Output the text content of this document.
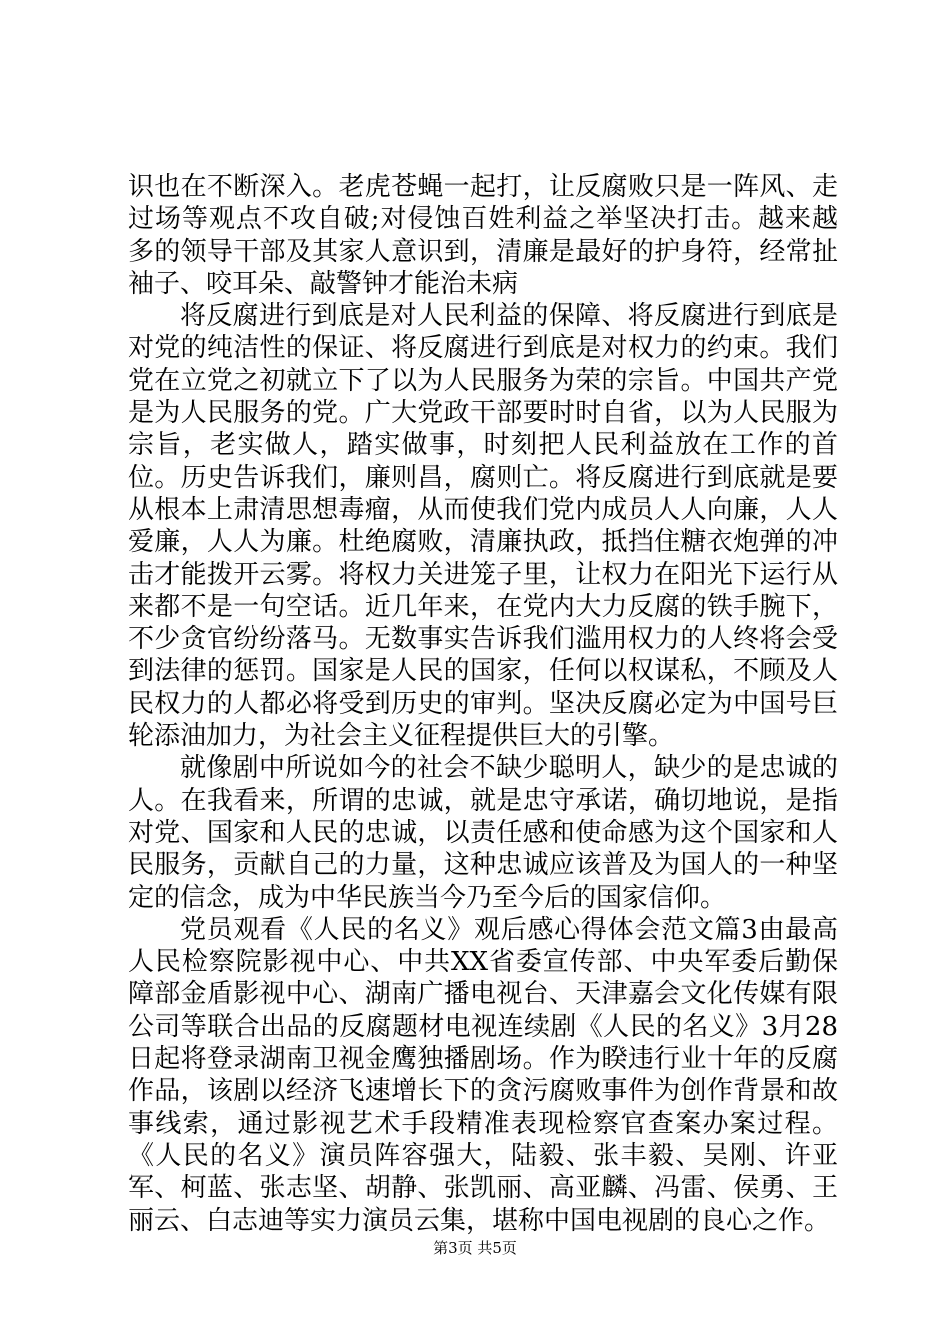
识也在不断深入。老虎苍蝇一起打，让反腐败只是一阵风、走过场等观点不攻自破;对侵蚀百姓利益之举坚决打击。越来越多的领导干部及其家人意识到，清廉是最好的护身符，经常扯袖子、咬耳朵、敲警钟才能治未病

将反腐进行到底是对人民利益的保障、将反腐进行到底是对党的纯洁性的保证、将反腐进行到底是对权力的约束。我们党在立党之初就立下了以为人民服务为荣的宗旨。中国共产党是为人民服务的党。广大党政干部要时时自省，以为人民服为宗旨，老实做人，踏实做事，时刻把人民利益放在工作的首位。历史告诉我们，廉则昌，腐则亡。将反腐进行到底就是要从根本上肃清思想毒瘤，从而使我们党内成员人人向廉，人人爱廉，人人为廉。杜绝腐败，清廉执政，抵挡住糖衣炮弹的冲击才能拨开云雾。将权力关进笼子里，让权力在阳光下运行从来都不是一句空话。近几年来，在党内大力反腐的铁手腕下，不少贪官纷纷落马。无数事实告诉我们滥用权力的人终将会受到法律的惩罚。国家是人民的国家，任何以权谋私，不顾及人民权力的人都必将受到历史的审判。坚决反腐必定为中国号巨轮添油加力，为社会主义征程提供巨大的引擎。

就像剧中所说如今的社会不缺少聪明人，缺少的是忠诚的人。在我看来，所谓的忠诚，就是忠守承诺，确切地说，是指对党、国家和人民的忠诚，以责任感和使命感为这个国家和人民服务，贡献自己的力量，这种忠诚应该普及为国人的一种坚定的信念，成为中华民族当今乃至今后的国家信仰。

党员观看《人民的名义》观后感心得体会范文篇3由最高人民检察院影视中心、中共XX省委宣传部、中央军委后勤保障部金盾影视中心、湖南广播电视台、天津嘉会文化传媒有限公司等联合出品的反腐题材电视连续剧《人民的名义》3月28日起将登录湖南卫视金鹰独播剧场。作为睽违行业十年的反腐作品，该剧以经济飞速增长下的贪污腐败事件为创作背景和故事线索，通过影视艺术手段精准表现检察官查案办案过程。《人民的名义》演员阵容强大，陆毅、张丰毅、吴刚、许亚军、柯蓝、张志坚、胡静、张凯丽、高亚麟、冯雷、侯勇、王丽云、白志迪等实力演员云集，堪称中国电视剧的良心之作。

第3页 共5页
